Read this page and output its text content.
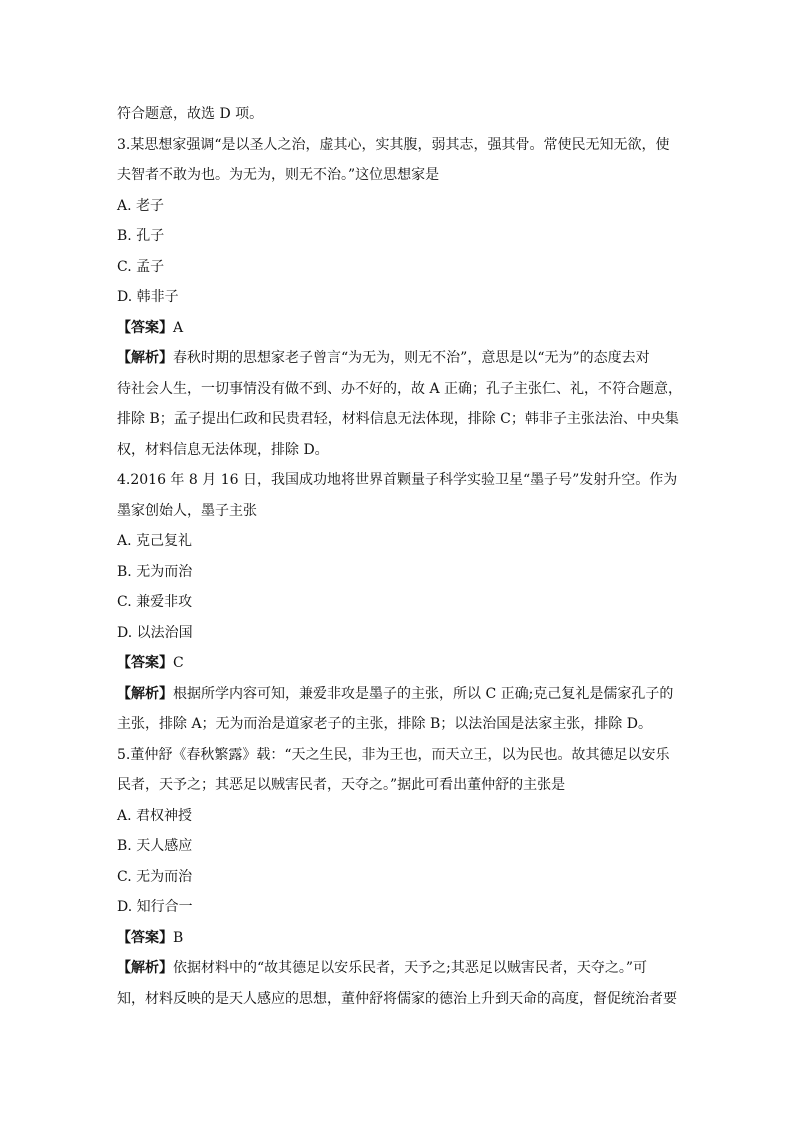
符合题意，故选 D 项。
3.某思想家强调“是以圣人之治，虚其心，实其腹，弱其志，强其骨。常使民无知无欲，使
夫智者不敢为也。为无为，则无不治。”这位思想家是
A. 老子
B. 孔子
C. 孟子
D. 韩非子
【答案】A
【解析】春秋时期的思想家老子曾言“为无为，则无不治”，意思是以“无为”的态度去对
待社会人生，一切事情没有做不到、办不好的，故 A 正确；孔子主张仁、礼，不符合题意，
排除 B；孟子提出仁政和民贵君轻，材料信息无法体现，排除 C；韩非子主张法治、中央集
权，材料信息无法体现，排除 D。
4.2016 年 8 月 16 日，我国成功地将世界首颗量子科学实验卫星“墨子号”发射升空。作为
墨家创始人，墨子主张
A. 克己复礼
B. 无为而治
C. 兼爱非攻
D. 以法治国
【答案】C
【解析】根据所学内容可知，兼爱非攻是墨子的主张，所以 C 正确;克己复礼是儒家孔子的
主张，排除 A；无为而治是道家老子的主张，排除 B；以法治国是法家主张，排除 D。
5.董仲舒《春秋繁露》载：“天之生民，非为王也，而天立王，以为民也。故其德足以安乐
民者，天予之；其恶足以贼害民者，天夺之。”据此可看出董仲舒的主张是
A. 君权神授
B. 天人感应
C. 无为而治
D. 知行合一
【答案】B
【解析】依据材料中的“故其德足以安乐民者，天予之;其恶足以贼害民者，天夺之。”可
知，材料反映的是天人感应的思想，董仲舒将儒家的德治上升到天命的高度，督促统治者要
